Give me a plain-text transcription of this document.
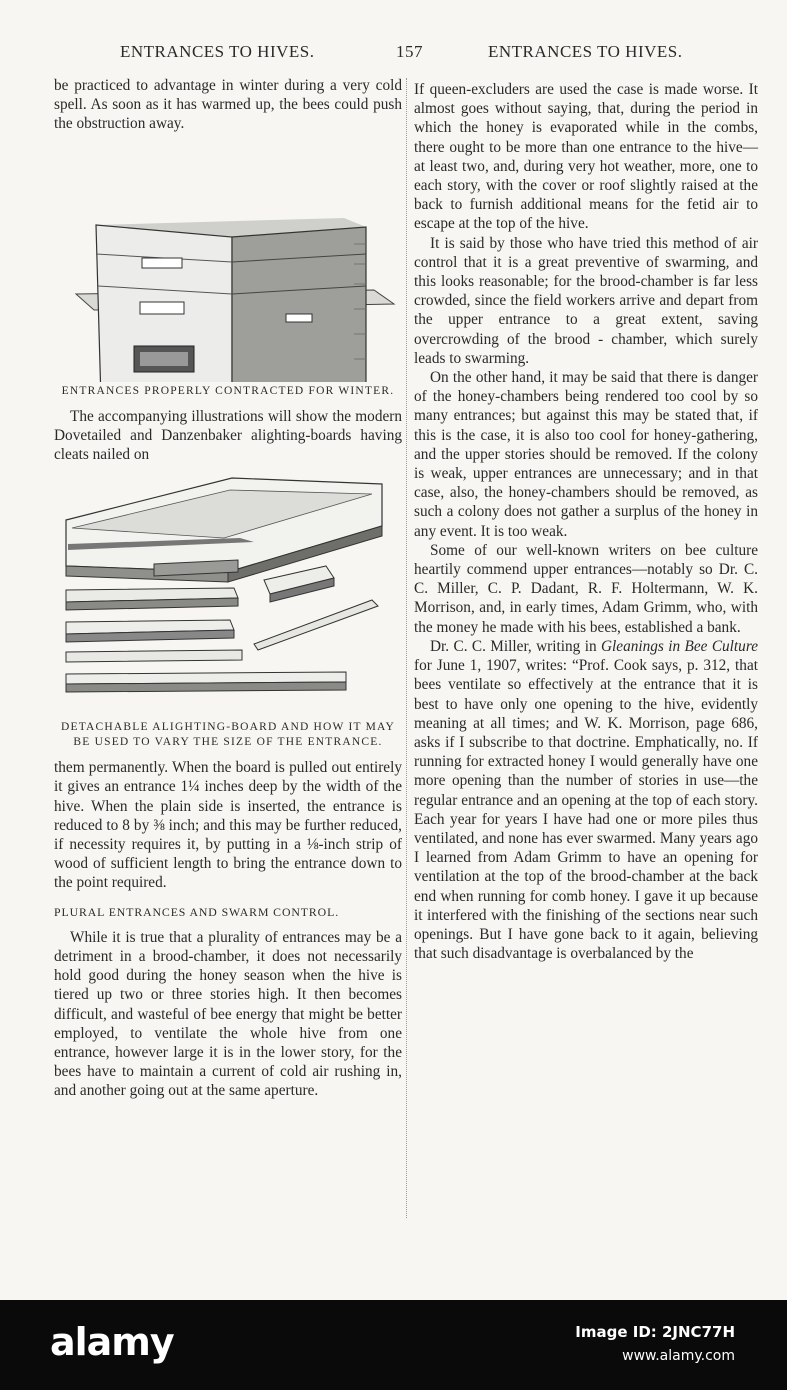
ENTRANCES TO HIVES.	157	ENTRANCES TO HIVES.

be practiced to advantage in winter during a very cold spell. As soon as it has warmed up, the bees could push the obstruction away.

ENTRANCES PROPERLY CONTRACTED FOR WINTER.

The accompanying illustrations will show the modern Dovetailed and Danzenbaker alighting-boards having cleats nailed on

DETACHABLE ALIGHTING-BOARD AND HOW IT MAY BE USED TO VARY THE SIZE OF THE ENTRANCE.

them permanently. When the board is pulled out entirely it gives an entrance 1¼ inches deep by the width of the hive. When the plain side is inserted, the entrance is reduced to 8 by ⅜ inch; and this may be further reduced, if necessity requires it, by putting in a ⅛-inch strip of wood of sufficient length to bring the entrance down to the point required.

PLURAL ENTRANCES AND SWARM CONTROL.

While it is true that a plurality of entrances may be a detriment in a brood-chamber, it does not necessarily hold good during the honey season when the hive is tiered up two or three stories high. It then becomes difficult, and wasteful of bee energy that might be better employed, to ventilate the whole hive from one entrance, however large it is in the lower story, for the bees have to maintain a current of cold air rushing in, and another going out at the same aperture.

If queen-excluders are used the case is made worse. It almost goes without saying, that, during the period in which the honey is evaporated while in the combs, there ought to be more than one entrance to the hive—at least two, and, during very hot weather, more, one to each story, with the cover or roof slightly raised at the back to furnish additional means for the fetid air to escape at the top of the hive.

It is said by those who have tried this method of air control that it is a great preventive of swarming, and this looks reasonable; for the brood-chamber is far less crowded, since the field workers arrive and depart from the upper entrance to a great extent, saving overcrowding of the brood - chamber, which surely leads to swarming.

On the other hand, it may be said that there is danger of the honey-chambers being rendered too cool by so many entrances; but against this may be stated that, if this is the case, it is also too cool for honey-gathering, and the upper stories should be removed. If the colony is weak, upper entrances are unnecessary; and in that case, also, the honey-chambers should be removed, as such a colony does not gather a surplus of the honey in any event. It is too weak.

Some of our well-known writers on bee culture heartily commend upper entrances—notably so Dr. C. C. Miller, C. P. Dadant, R. F. Holtermann, W. K. Morrison, and, in early times, Adam Grimm, who, with the money he made with his bees, established a bank.

Dr. C. C. Miller, writing in Gleanings in Bee Culture for June 1, 1907, writes: “Prof. Cook says, p. 312, that bees ventilate so effectively at the entrance that it is best to have only one opening to the hive, evidently meaning at all times; and W. K. Morrison, page 686, asks if I subscribe to that doctrine. Emphatically, no. If running for extracted honey I would generally have one more opening than the number of stories in use—the regular entrance and an opening at the top of each story. Each year for years I have had one or more piles thus ventilated, and none has ever swarmed. Many years ago I learned from Adam Grimm to have an opening for ventilation at the top of the brood-chamber at the back end when running for comb honey. I gave it up because it interfered with the finishing of the sections near such openings. But I have gone back to it again, believing that such disadvantage is overbalanced by the

alamy	Image ID: 2JNC77H
www.alamy.com
